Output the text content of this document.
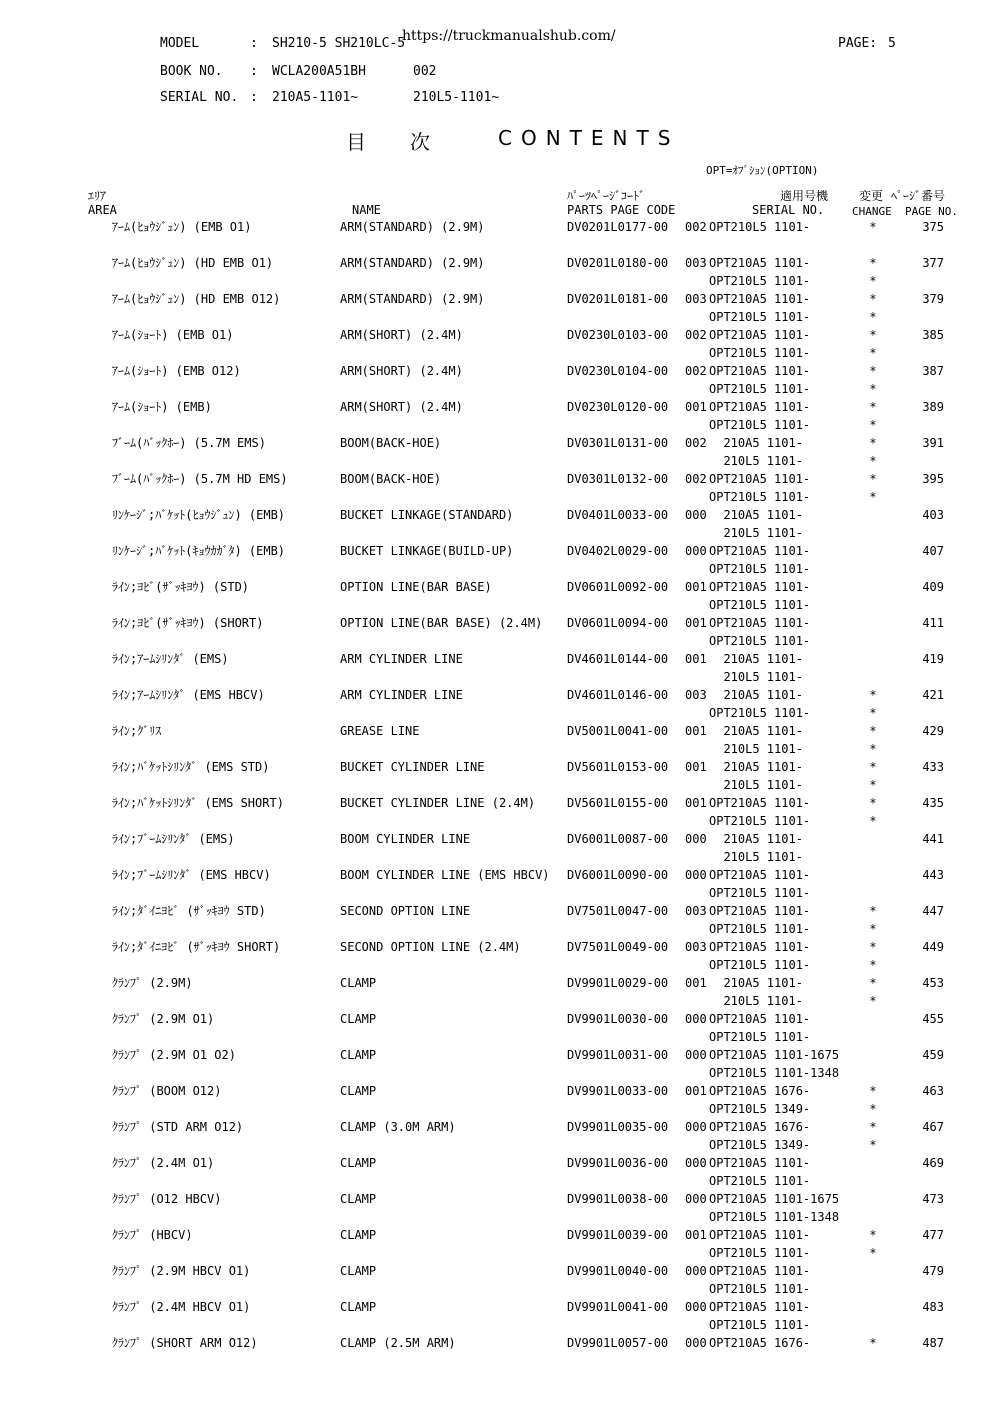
MODEL	: SH210-5 SH210LC-5
https://truckmanualshub.com/	PAGE: 5
BOOK NO. : WCLA200A51BH	002
SERIAL NO. : 210A5-1101~	210L5-1101~
目　次	CONTENTS
OPT=ｵﾌﾟｼｮﾝ(OPTION)
ｴﾘｱ
AREA	NAME
ﾊﾟｰﾂﾍﾟｰｼﾞｺｰﾄﾞ
PARTS PAGE CODE
適用号機
SERIAL NO.
変更
CHANGE
ﾍﾟｰｼﾞ番号
PAGE NO.
ｱｰﾑ(ﾋｮｳｼﾞｭﾝ) (EMB O1)	ARM(STANDARD) (2.9M)	DV0201L0177-00 002 OPT210L5 1101-	*	375
ｱｰﾑ(ﾋｮｳｼﾞｭﾝ) (HD EMB O1)	ARM(STANDARD) (2.9M)	DV0201L0180-00 003 OPT210A5 1101-	*	377
OPT210L5 1101-	*
ｱｰﾑ(ﾋｮｳｼﾞｭﾝ) (HD EMB O12)	ARM(STANDARD) (2.9M)	DV0201L0181-00 003 OPT210A5 1101-	*	379
OPT210L5 1101-	*
ｱｰﾑ(ｼｮｰﾄ) (EMB O1)	ARM(SHORT) (2.4M)	DV0230L0103-00 002 OPT210A5 1101-	*	385
OPT210L5 1101-	*
ｱｰﾑ(ｼｮｰﾄ) (EMB O12)	ARM(SHORT) (2.4M)	DV0230L0104-00 002 OPT210A5 1101-	*	387
OPT210L5 1101-	*
ｱｰﾑ(ｼｮｰﾄ) (EMB)	ARM(SHORT) (2.4M)	DV0230L0120-00 001 OPT210A5 1101-	*	389
OPT210L5 1101-	*
ﾌﾞｰﾑ(ﾊﾞｯｸﾎｰ) (5.7M EMS)	BOOM(BACK-HOE)	DV0301L0131-00 002 210A5 1101-	*	391
210L5 1101-	*
ﾌﾞｰﾑ(ﾊﾞｯｸﾎｰ) (5.7M HD EMS)	BOOM(BACK-HOE)	DV0301L0132-00 002 OPT210A5 1101-	*	395
OPT210L5 1101-	*
ﾘﾝｹｰｼﾞ;ﾊﾞｹｯﾄ(ﾋｮｳｼﾞｭﾝ) (EMB)	BUCKET LINKAGE(STANDARD)	DV0401L0033-00 000 210A5 1101-	403
210L5 1101-
ﾘﾝｹｰｼﾞ;ﾊﾞｹｯﾄ(ｷｮｳｶｶﾞﾀ) (EMB)	BUCKET LINKAGE(BUILD-UP)	DV0402L0029-00 000 OPT210A5 1101-	407
OPT210L5 1101-
ﾗｲﾝ;ﾖﾋﾞ(ｻﾞｯｷﾖｳ) (STD)	OPTION LINE(BAR BASE)	DV0601L0092-00 001 OPT210A5 1101-	409
OPT210L5 1101-
ﾗｲﾝ;ﾖﾋﾞ(ｻﾞｯｷﾖｳ) (SHORT)	OPTION LINE(BAR BASE) (2.4M) DV0601L0094-00 001 OPT210A5 1101-	411
OPT210L5 1101-
ﾗｲﾝ;ｱｰﾑｼﾘﾝﾀﾞ (EMS)	ARM CYLINDER LINE	DV4601L0144-00 001 210A5 1101-	419
210L5 1101-
ﾗｲﾝ;ｱｰﾑｼﾘﾝﾀﾞ (EMS HBCV)	ARM CYLINDER LINE	DV4601L0146-00 003 210A5 1101-	*	421
OPT210L5 1101-	*
ﾗｲﾝ;ｸﾞﾘｽ	GREASE LINE	DV5001L0041-00 001 210A5 1101-	*	429
210L5 1101-	*
ﾗｲﾝ;ﾊﾞｹｯﾄｼﾘﾝﾀﾞ (EMS STD)	BUCKET CYLINDER LINE	DV5601L0153-00 001 210A5 1101-	*	433
210L5 1101-	*
ﾗｲﾝ;ﾊﾞｹｯﾄｼﾘﾝﾀﾞ (EMS SHORT)	BUCKET CYLINDER LINE (2.4M)	DV5601L0155-00 001 OPT210A5 1101-	*	435
OPT210L5 1101-	*
ﾗｲﾝ;ﾌﾞｰﾑｼﾘﾝﾀﾞ (EMS)	BOOM CYLINDER LINE	DV6001L0087-00 000 210A5 1101-	441
210L5 1101-
ﾗｲﾝ;ﾌﾞｰﾑｼﾘﾝﾀﾞ (EMS HBCV)	BOOM CYLINDER LINE (EMS HBCV) DV6001L0090-00 000 OPT210A5 1101-	443
OPT210L5 1101-
ﾗｲﾝ;ﾀﾞｲﾆﾖﾋﾞ (ｻﾞｯｷﾖｳ STD)	SECOND OPTION LINE	DV7501L0047-00 003 OPT210A5 1101-	*	447
OPT210L5 1101-	*
ﾗｲﾝ;ﾀﾞｲﾆﾖﾋﾞ (ｻﾞｯｷﾖｳ SHORT)	SECOND OPTION LINE (2.4M)	DV7501L0049-00 003 OPT210A5 1101-	*	449
OPT210L5 1101-	*
ｸﾗﾝﾌﾟ (2.9M)	CLAMP	DV9901L0029-00 001 210A5 1101-	*	453
210L5 1101-	*
ｸﾗﾝﾌﾟ (2.9M O1)	CLAMP	DV9901L0030-00 000 OPT210A5 1101-	455
OPT210L5 1101-
ｸﾗﾝﾌﾟ (2.9M O1 O2)	CLAMP	DV9901L0031-00 000 OPT210A5 1101-1675	459
OPT210L5 1101-1348
ｸﾗﾝﾌﾟ (BOOM O12)	CLAMP	DV9901L0033-00 001 OPT210A5 1676-	*	463
OPT210L5 1349-	*
ｸﾗﾝﾌﾟ (STD ARM O12)	CLAMP (3.0M ARM)	DV9901L0035-00 000 OPT210A5 1676-	*	467
OPT210L5 1349-	*
ｸﾗﾝﾌﾟ (2.4M O1)	CLAMP	DV9901L0036-00 000 OPT210A5 1101-	469
OPT210L5 1101-
ｸﾗﾝﾌﾟ (O12 HBCV)	CLAMP	DV9901L0038-00 000 OPT210A5 1101-1675	473
OPT210L5 1101-1348
ｸﾗﾝﾌﾟ (HBCV)	CLAMP	DV9901L0039-00 001 OPT210A5 1101-	*	477
OPT210L5 1101-	*
ｸﾗﾝﾌﾟ (2.9M HBCV O1)	CLAMP	DV9901L0040-00 000 OPT210A5 1101-	479
OPT210L5 1101-
ｸﾗﾝﾌﾟ (2.4M HBCV O1)	CLAMP	DV9901L0041-00 000 OPT210A5 1101-	483
OPT210L5 1101-
ｸﾗﾝﾌﾟ (SHORT ARM O12)	CLAMP (2.5M ARM)	DV9901L0057-00 000 OPT210A5 1676-	*	487
